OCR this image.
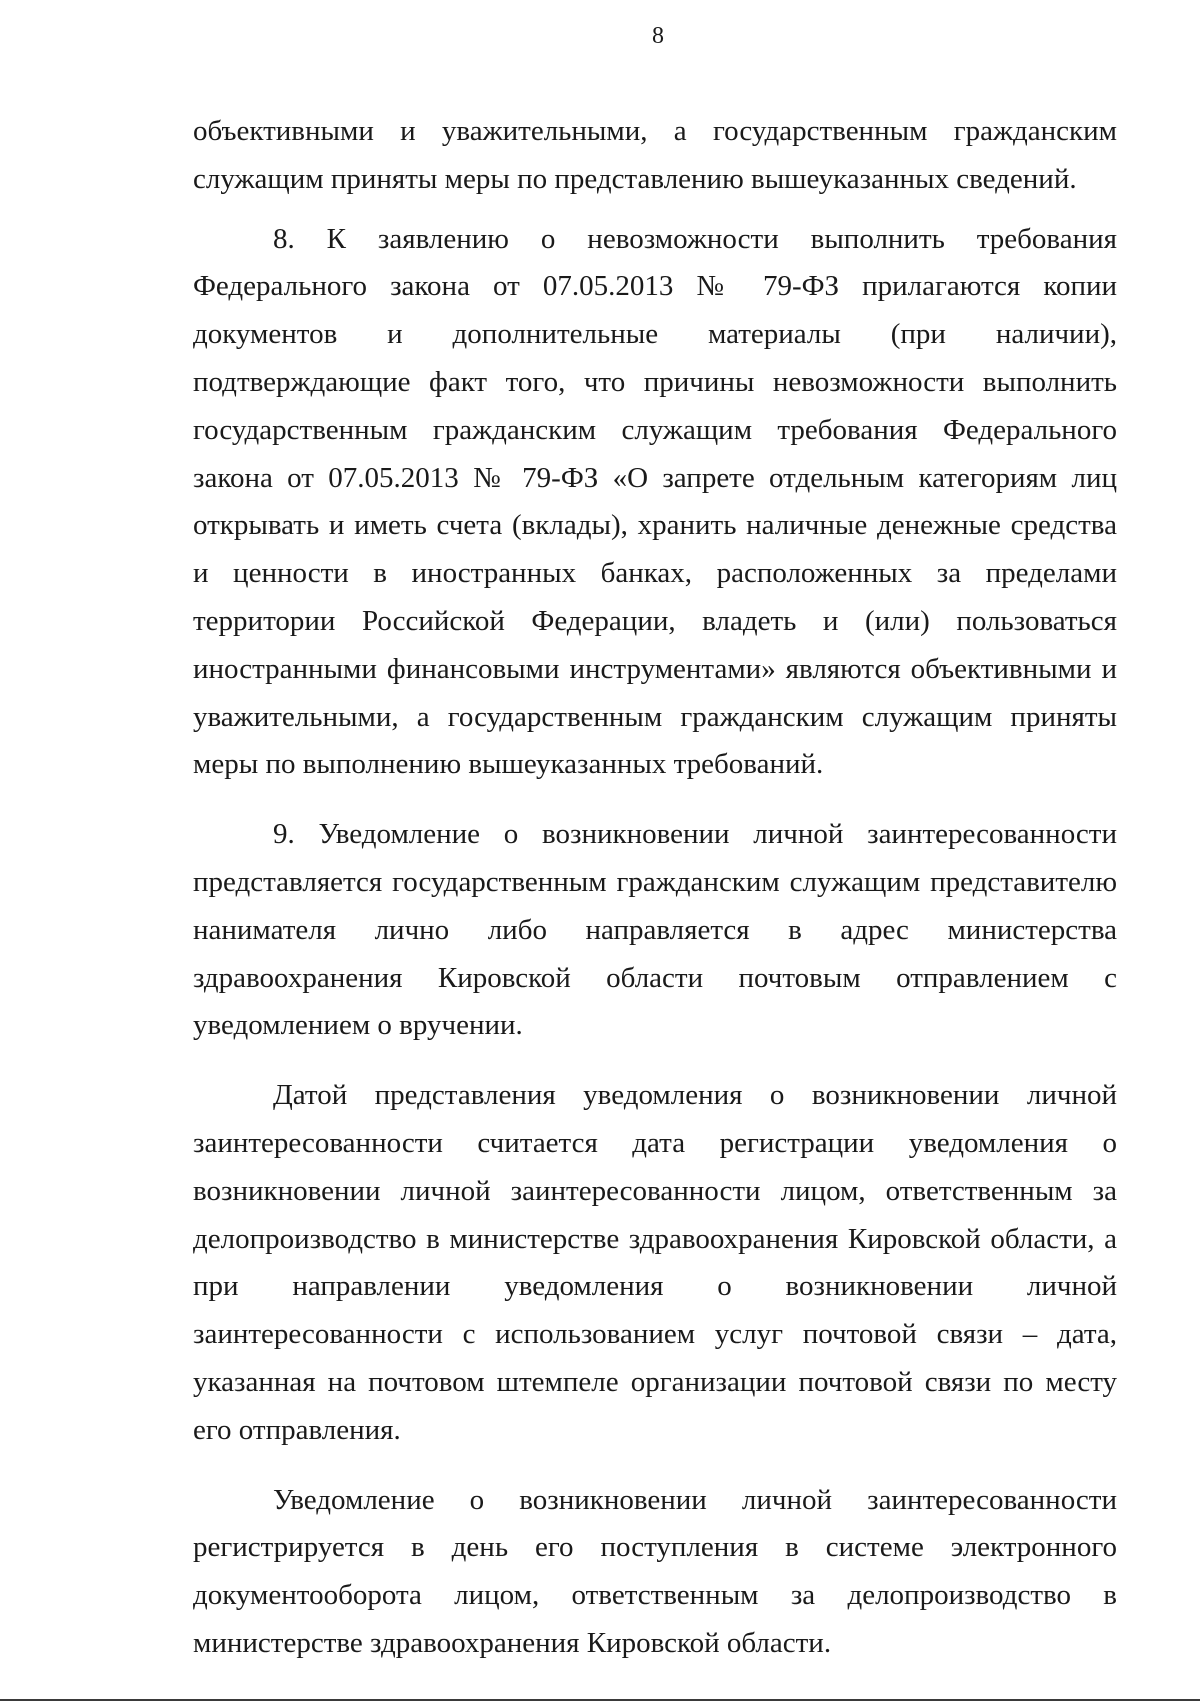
8

объективными и уважительными, а государственным гражданским служащим приняты меры по представлению вышеуказанных сведений.

8. К заявлению о невозможности выполнить требования Федерального закона от 07.05.2013 № 79-ФЗ прилагаются копии документов и дополнительные материалы (при наличии), подтверждающие факт того, что причины невозможности выполнить государственным гражданским служащим требования Федерального закона от 07.05.2013 № 79-ФЗ «О запрете отдельным категориям лиц открывать и иметь счета (вклады), хранить наличные денежные средства и ценности в иностранных банках, расположенных за пределами территории Российской Федерации, владеть и (или) пользоваться иностранными финансовыми инструментами» являются объективными и уважительными, а государственным гражданским служащим приняты меры по выполнению вышеуказанных требований.

9. Уведомление о возникновении личной заинтересованности представляется государственным гражданским служащим представителю нанимателя лично либо направляется в адрес министерства здравоохранения Кировской области почтовым отправлением с уведомлением о вручении.

Датой представления уведомления о возникновении личной заинтересованности считается дата регистрации уведомления о возникновении личной заинтересованности лицом, ответственным за делопроизводство в министерстве здравоохранения Кировской области, а при направлении уведомления о возникновении личной заинтересованности с использованием услуг почтовой связи – дата, указанная на почтовом штемпеле организации почтовой связи по месту его отправления.

Уведомление о возникновении личной заинтересованности регистрируется в день его поступления в системе электронного документооборота лицом, ответственным за делопроизводство в министерстве здравоохранения Кировской области.
